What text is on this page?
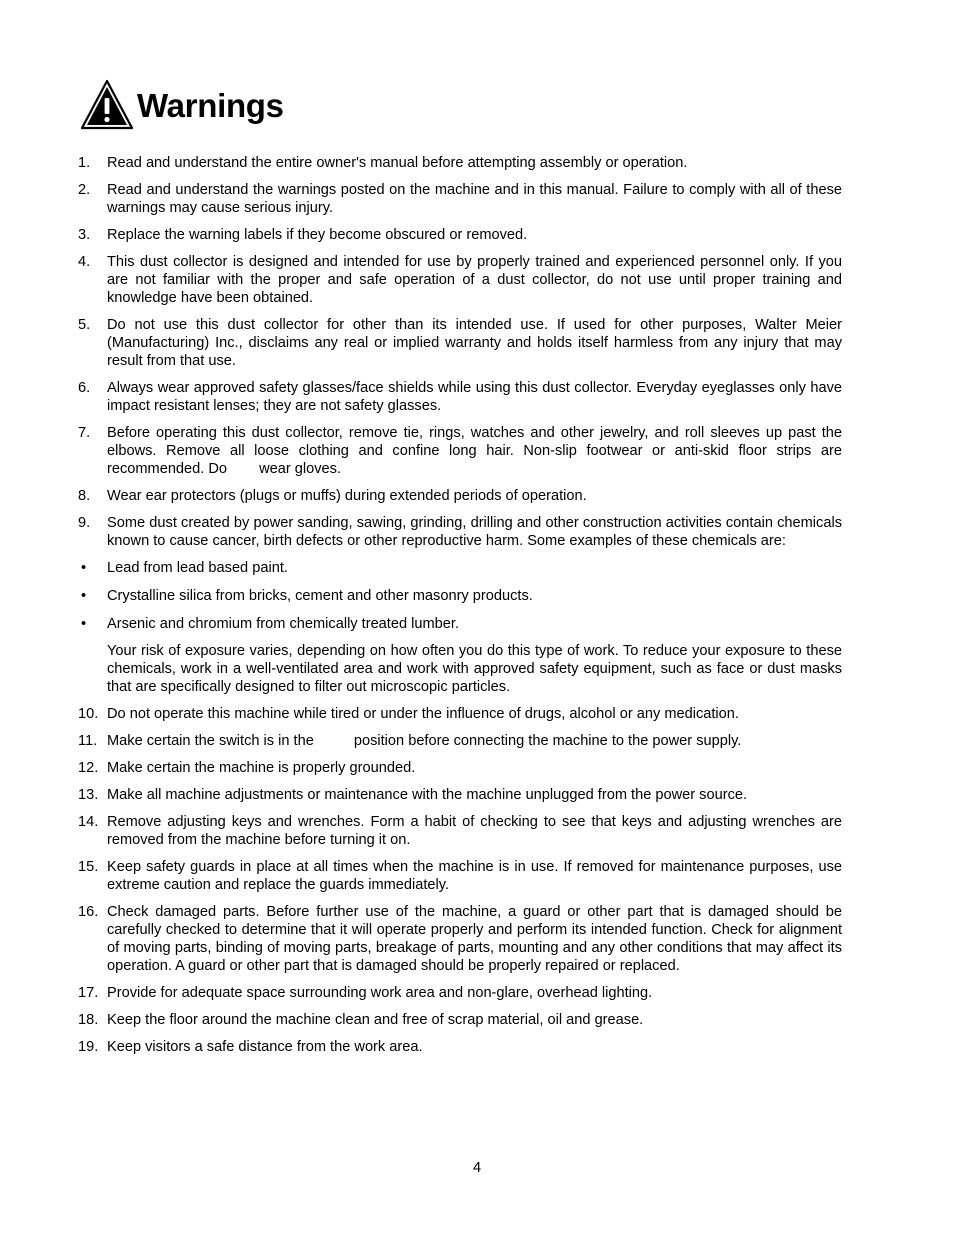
Warnings
1.	Read and understand the entire owner's manual before attempting assembly or operation.
2.	Read and understand the warnings posted on the machine and in this manual. Failure to comply with all of these warnings may cause serious injury.
3.	Replace the warning labels if they become obscured or removed.
4.	This dust collector is designed and intended for use by properly trained and experienced personnel only. If you are not familiar with the proper and safe operation of a dust collector, do not use until proper training and knowledge have been obtained.
5.	Do not use this dust collector for other than its intended use. If used for other purposes, Walter Meier (Manufacturing) Inc., disclaims any real or implied warranty and holds itself harmless from any injury that may result from that use.
6.	Always wear approved safety glasses/face shields while using this dust collector. Everyday eyeglasses only have impact resistant lenses; they are not safety glasses.
7.	Before operating this dust collector, remove tie, rings, watches and other jewelry, and roll sleeves up past the elbows. Remove all loose clothing and confine long hair. Non-slip footwear or anti-skid floor strips are recommended. Do wear gloves.
8.	Wear ear protectors (plugs or muffs) during extended periods of operation.
9.	Some dust created by power sanding, sawing, grinding, drilling and other construction activities contain chemicals known to cause cancer, birth defects or other reproductive harm. Some examples of these chemicals are:
•	Lead from lead based paint.
•	Crystalline silica from bricks, cement and other masonry products.
•	Arsenic and chromium from chemically treated lumber.
Your risk of exposure varies, depending on how often you do this type of work. To reduce your exposure to these chemicals, work in a well-ventilated area and work with approved safety equipment, such as face or dust masks that are specifically designed to filter out microscopic particles.
10. Do not operate this machine while tired or under the influence of drugs, alcohol or any medication.
11. Make certain the switch is in the	position before connecting the machine to the power supply.
12. Make certain the machine is properly grounded.
13. Make all machine adjustments or maintenance with the machine unplugged from the power source.
14. Remove adjusting keys and wrenches. Form a habit of checking to see that keys and adjusting wrenches are removed from the machine before turning it on.
15. Keep safety guards in place at all times when the machine is in use. If removed for maintenance purposes, use extreme caution and replace the guards immediately.
16. Check damaged parts. Before further use of the machine, a guard or other part that is damaged should be carefully checked to determine that it will operate properly and perform its intended function. Check for alignment of moving parts, binding of moving parts, breakage of parts, mounting and any other conditions that may affect its operation. A guard or other part that is damaged should be properly repaired or replaced.
17. Provide for adequate space surrounding work area and non-glare, overhead lighting.
18. Keep the floor around the machine clean and free of scrap material, oil and grease.
19. Keep visitors a safe distance from the work area.
4
